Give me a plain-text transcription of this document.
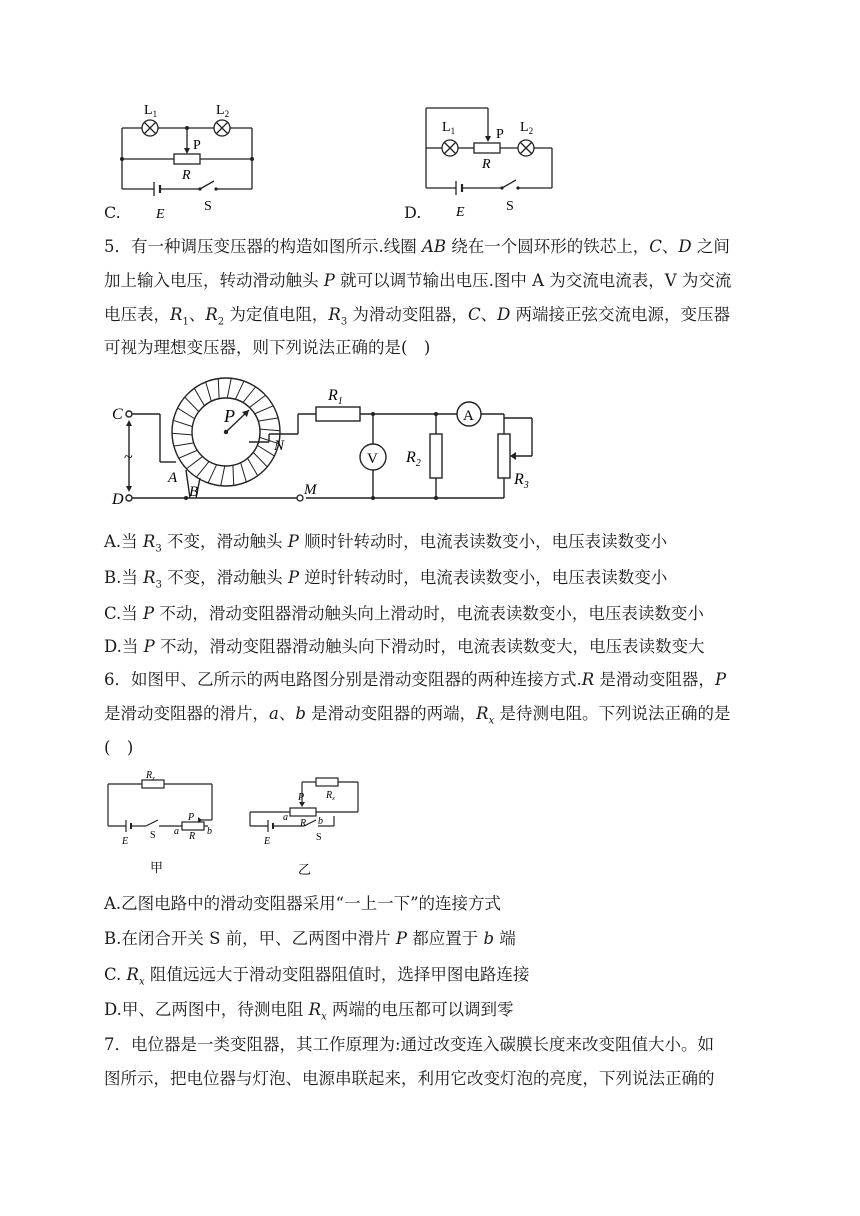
$L_1$	$L_2$
P
R
E
S
C.
$L_1$	P $L_2$
R
E	S
D.
5．有一种调压变压器的构造如图所示.线圈 AB 绕在一个圆环形的铁芯上，C、D 之间
加上输入电压，转动滑动触头 P 就可以调节输出电压.图中 A 为交流电流表，V 为交流
电压表，$R_1$、$R_2$ 为定值电阻，$R_3$ 为滑动变阻器，C、D 两端接正弦交流电源，变压器
可视为理想变压器，则下列说法正确的是(　)
C
D
~
A
B
P
N
M
$R_1$
$R_2$
$R_3$
A
V
A.当 $R_3$ 不变，滑动触头 P 顺时针转动时，电流表读数变小，电压表读数变小
B.当 $R_3$ 不变，滑动触头 P 逆时针转动时，电流表读数变小，电压表读数变小
C.当 P 不动，滑动变阻器滑动触头向上滑动时，电流表读数变小，电压表读数变小
D.当 P 不动，滑动变阻器滑动触头向下滑动时，电流表读数变大，电压表读数变大
6．如图甲、乙所示的两电路图分别是滑动变阻器的两种连接方式.R 是滑动变阻器，P
是滑动变阻器的滑片，a、b 是滑动变阻器的两端，$R_x$ 是待测电阻。下列说法正确的是
(　)
$R_x$
E
S
P
a R b
甲
P $R_x$
a
R b
E	S
乙
A.乙图电路中的滑动变阻器采用“一上一下”的连接方式
B.在闭合开关 S 前，甲、乙两图中滑片 P 都应置于 b 端
C. $R_x$ 阻值远远大于滑动变阻器阻值时，选择甲图电路连接
D.甲、乙两图中，待测电阻 $R_x$ 两端的电压都可以调到零
7．电位器是一类变阻器，其工作原理为:通过改变连入碳膜长度来改变阻值大小。如
图所示，把电位器与灯泡、电源串联起来，利用它改变灯泡的亮度，下列说法正确的
